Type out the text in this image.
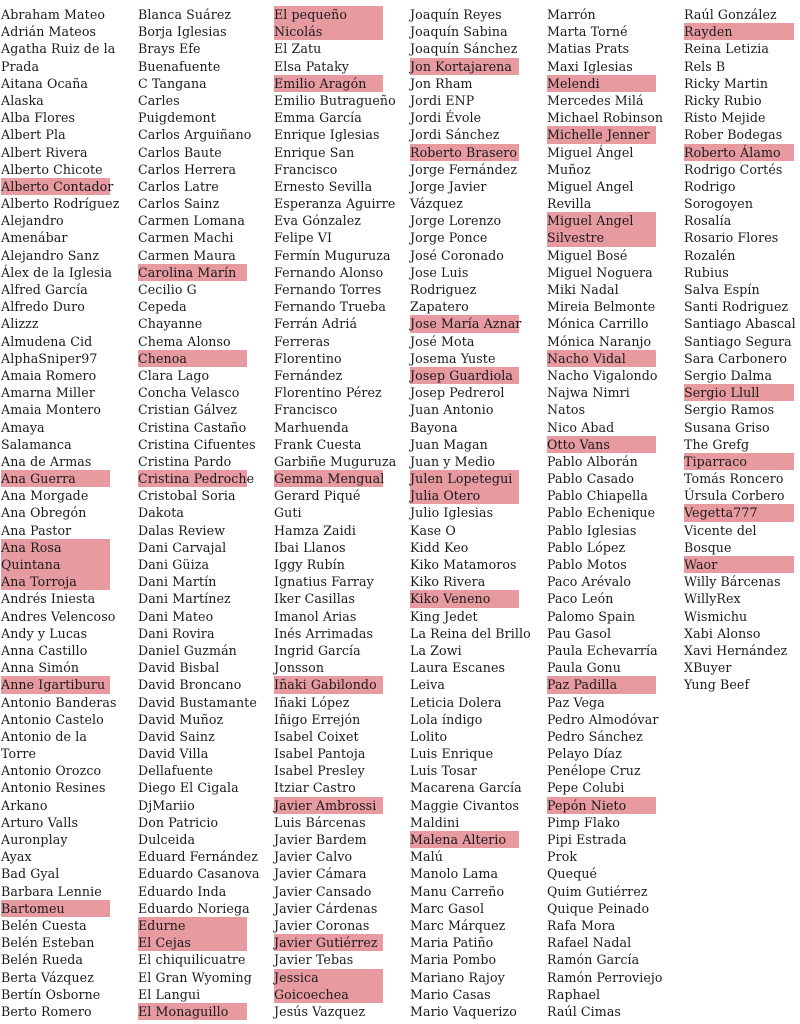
Abraham Mateo
Adrián Mateos
Agatha Ruiz de la
Prada
Aitana Ocaña
Alaska
Alba Flores
Albert Pla
Albert Rivera
Alberto Chicote
Alberto Contador
Alberto Rodríguez
Alejandro
Amenábar
Alejandro Sanz
Álex de la Iglesia
Alfred García
Alfredo Duro
Alizzz
Almudena Cid
AlphaSniper97
Amaia Romero
Amarna Miller
Amaia Montero
Amaya
Salamanca
Ana de Armas
Ana Guerra
Ana Morgade
Ana Obregón
Ana Pastor
Ana Rosa
Quintana
Ana Torroja
Andrés Iniesta
Andres Velencoso
Andy y Lucas
Anna Castillo
Anna Simón
Anne Igartiburu
Antonio Banderas
Antonio Castelo
Antonio de la
Torre
Antonio Orozco
Antonio Resines
Arkano
Arturo Valls
Auronplay
Ayax
Bad Gyal
Barbara Lennie
Bartomeu
Belén Cuesta
Belén Esteban
Belén Rueda
Berta Vázquez
Bertín Osborne
Berto Romero
Blanca Suárez
Borja Iglesias
Brays Efe
Buenafuente
C Tangana
Carles
Puigdemont
Carlos Arguiñano
Carlos Baute
Carlos Herrera
Carlos Latre
Carlos Sainz
Carmen Lomana
Carmen Machi
Carmen Maura
Carolina Marín
Cecilio G
Cepeda
Chayanne
Chema Alonso
Chenoa
Clara Lago
Concha Velasco
Cristian Gálvez
Cristina Castaño
Cristina Cifuentes
Cristina Pardo
Cristina Pedroche
Cristobal Soria
Dakota
Dalas Review
Dani Carvajal
Dani Güiza
Dani Martín
Dani Martínez
Dani Mateo
Dani Rovira
Daniel Guzmán
David Bisbal
David Broncano
David Bustamante
David Muñoz
David Sainz
David Villa
Dellafuente
Diego El Cigala
DjMariio
Don Patricio
Dulceida
Eduard Fernández
Eduardo Casanova
Eduardo Inda
Eduardo Noriega
Edurne
El Cejas
El chiquilicuatre
El Gran Wyoming
El Langui
El Monaguillo
El pequeño
Nicolás
El Zatu
Elsa Pataky
Emilio Aragón
Emilio Butragueño
Emma García
Enrique Iglesias
Enrique San
Francisco
Ernesto Sevilla
Esperanza Aguirre
Eva Gónzalez
Felipe VI
Fermín Muguruza
Fernando Alonso
Fernando Torres
Fernando Trueba
Ferrán Adriá
Ferreras
Florentino
Fernández
Florentino Pérez
Francisco
Marhuenda
Frank Cuesta
Garbiñe Muguruza
Gemma Mengual
Gerard Piqué
Guti
Hamza Zaidi
Ibai Llanos
Iggy Rubín
Ignatius Farray
Iker Casillas
Imanol Arias
Inés Arrimadas
Ingrid García
Jonsson
Iñaki Gabilondo
Iñaki López
Iñigo Errejón
Isabel Coixet
Isabel Pantoja
Isabel Presley
Itziar Castro
Javier Ambrossi
Luis Bárcenas
Javier Bardem
Javier Calvo
Javier Cámara
Javier Cansado
Javier Cárdenas
Javier Coronas
Javier Gutiérrez
Javier Tebas
Jessica
Goicoechea
Jesús Vazquez
Joaquín Reyes
Joaquín Sabina
Joaquín Sánchez
Jon Kortajarena
Jon Rham
Jordi ENP
Jordi Évole
Jordi Sánchez
Roberto Brasero
Jorge Fernández
Jorge Javier
Vázquez
Jorge Lorenzo
Jorge Ponce
José Coronado
Jose Luis
Rodriguez
Zapatero
Jose María Aznar
José Mota
Josema Yuste
Josep Guardiola
Josep Pedrerol
Juan Antonio
Bayona
Juan Magan
Juan y Medio
Julen Lopetegui
Julia Otero
Julio Iglesias
Kase O
Kidd Keo
Kiko Matamoros
Kiko Rivera
Kiko Veneno
King Jedet
La Reina del Brillo
La Zowi
Laura Escanes
Leiva
Leticia Dolera
Lola índigo
Lolito
Luis Enrique
Luis Tosar
Macarena García
Maggie Civantos
Maldini
Malena Alterio
Malú
Manolo Lama
Manu Carreño
Marc Gasol
Marc Márquez
Maria Patiño
Maria Pombo
Mariano Rajoy
Mario Casas
Mario Vaquerizo
Marrón
Marta Torné
Matias Prats
Maxi Iglesias
Melendi
Mercedes Milá
Michael Robinson
Michelle Jenner
Miguel Ángel
Muñoz
Miguel Angel
Revilla
Miguel Angel
Silvestre
Miguel Bosé
Miguel Noguera
Miki Nadal
Mireia Belmonte
Mónica Carrillo
Mónica Naranjo
Nacho Vidal
Nacho Vigalondo
Najwa Nimri
Natos
Nico Abad
Otto Vans
Pablo Alborán
Pablo Casado
Pablo Chiapella
Pablo Echenique
Pablo Iglesias
Pablo López
Pablo Motos
Paco Arévalo
Paco León
Palomo Spain
Pau Gasol
Paula Echevarría
Paula Gonu
Paz Padilla
Paz Vega
Pedro Almodóvar
Pedro Sánchez
Pelayo Díaz
Penélope Cruz
Pepe Colubi
Pepón Nieto
Pimp Flako
Pipi Estrada
Prok
Quequé
Quim Gutiérrez
Quique Peinado
Rafa Mora
Rafael Nadal
Ramón García
Ramón Perroviejo
Raphael
Raúl Cimas
Raúl González
Rayden
Reina Letizia
Rels B
Ricky Martin
Ricky Rubio
Risto Mejide
Rober Bodegas
Roberto Álamo
Rodrigo Cortés
Rodrigo
Sorogoyen
Rosalía
Rosario Flores
Rozalén
Rubius
Salva Espín
Santi Rodriguez
Santiago Abascal
Santiago Segura
Sara Carbonero
Sergio Dalma
Sergio Llull
Sergio Ramos
Susana Griso
The Grefg
Tiparraco
Tomás Roncero
Úrsula Corbero
Vegetta777
Vicente del
Bosque
Waor
Willy Bárcenas
WillyRex
Wismichu
Xabi Alonso
Xavi Hernández
XBuyer
Yung Beef
